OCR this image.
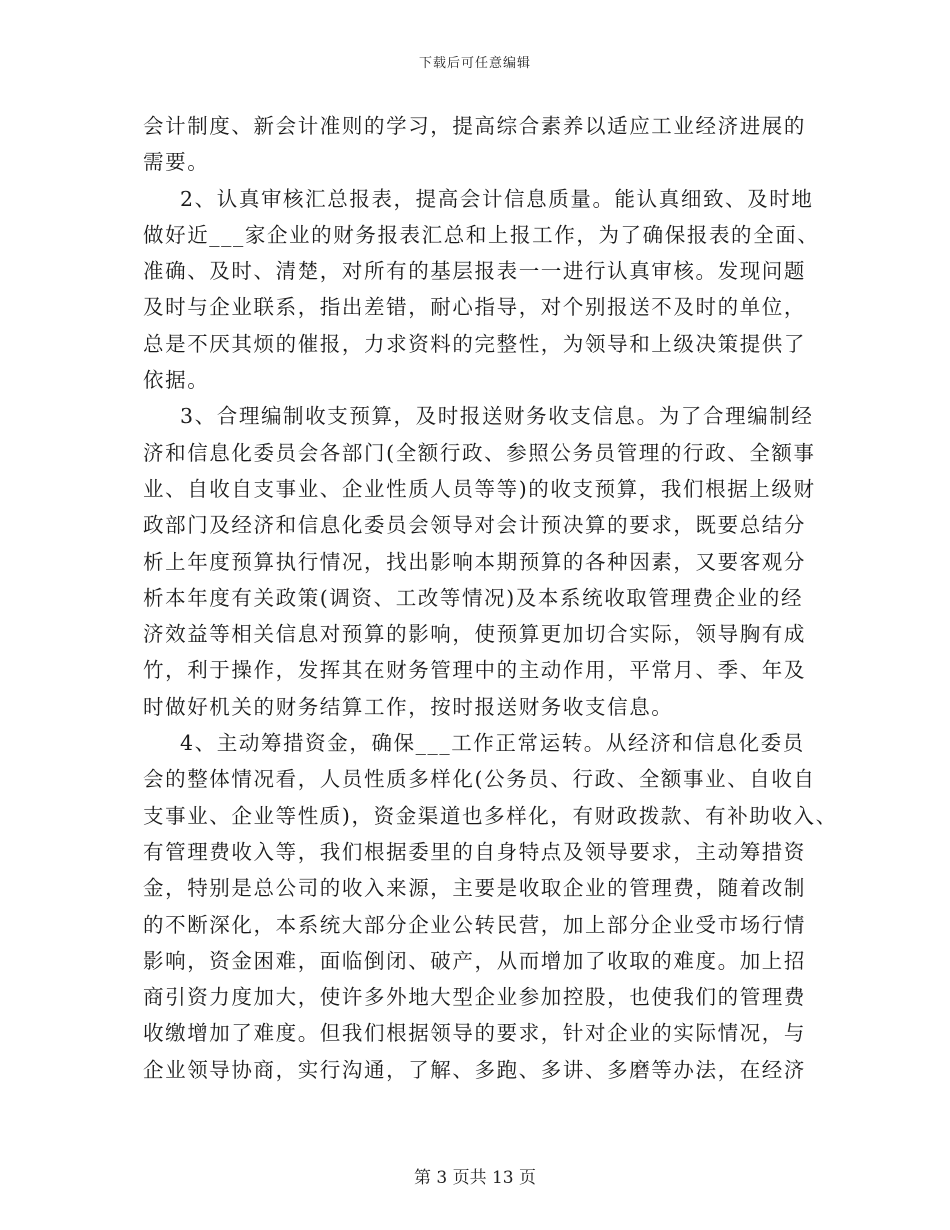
下载后可任意编辑
会计制度、新会计准则的学习，提高综合素养以适应工业经济进展的
需要。
2、认真审核汇总报表，提高会计信息质量。能认真细致、及时地
做好近___家企业的财务报表汇总和上报工作，为了确保报表的全面、
准确、及时、清楚，对所有的基层报表一一进行认真审核。发现问题
及时与企业联系，指出差错，耐心指导，对个别报送不及时的单位，
总是不厌其烦的催报，力求资料的完整性，为领导和上级决策提供了
依据。
3、合理编制收支预算，及时报送财务收支信息。为了合理编制经
济和信息化委员会各部门(全额行政、参照公务员管理的行政、全额事
业、自收自支事业、企业性质人员等等)的收支预算，我们根据上级财
政部门及经济和信息化委员会领导对会计预决算的要求，既要总结分
析上年度预算执行情况，找出影响本期预算的各种因素，又要客观分
析本年度有关政策(调资、工改等情况)及本系统收取管理费企业的经
济效益等相关信息对预算的影响，使预算更加切合实际，领导胸有成
竹，利于操作，发挥其在财务管理中的主动作用，平常月、季、年及
时做好机关的财务结算工作，按时报送财务收支信息。
4、主动筹措资金，确保___工作正常运转。从经济和信息化委员
会的整体情况看，人员性质多样化(公务员、行政、全额事业、自收自
支事业、企业等性质)，资金渠道也多样化，有财政拨款、有补助收入、
有管理费收入等，我们根据委里的自身特点及领导要求，主动筹措资
金，特别是总公司的收入来源，主要是收取企业的管理费，随着改制
的不断深化，本系统大部分企业公转民营，加上部分企业受市场行情
影响，资金困难，面临倒闭、破产，从而增加了收取的难度。加上招
商引资力度加大，使许多外地大型企业参加控股，也使我们的管理费
收缴增加了难度。但我们根据领导的要求，针对企业的实际情况，与
企业领导协商，实行沟通，了解、多跑、多讲、多磨等办法，在经济
第 3 页共 13 页
